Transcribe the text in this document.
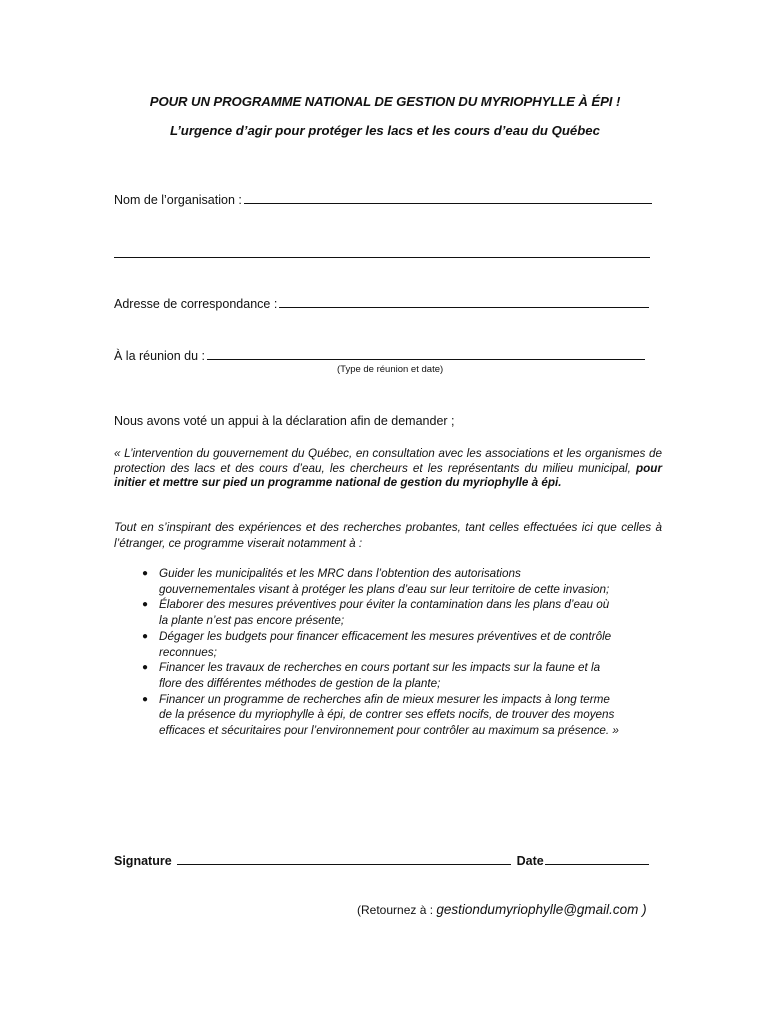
POUR UN PROGRAMME NATIONAL DE GESTION DU MYRIOPHYLLE À ÉPI !
L’urgence d’agir pour protéger les lacs et les cours d’eau du Québec
Nom de l’organisation :
Adresse de correspondance :
À la réunion du :
(Type de réunion et date)
Nous avons voté un appui à la déclaration afin de demander ;
« L’intervention du gouvernement du Québec, en consultation avec les associations et les organismes de protection des lacs et des cours d’eau, les chercheurs et les représentants du milieu municipal, pour initier et mettre sur pied un programme national de gestion du myriophylle à épi.
Tout en s’inspirant des expériences et des recherches probantes, tant celles effectuées ici que celles à l’étranger, ce programme viserait notamment à :
● Guider les municipalités et les MRC dans l’obtention des autorisations gouvernementales visant à protéger les plans d’eau sur leur territoire de cette invasion;
● Élaborer des mesures préventives pour éviter la contamination dans les plans d’eau où la plante n’est pas encore présente;
● Dégager les budgets pour financer efficacement les mesures préventives et de contrôle reconnues;
● Financer les travaux de recherches en cours portant sur les impacts sur la faune et la flore des différentes méthodes de gestion de la plante;
● Financer un programme de recherches afin de mieux mesurer les impacts à long terme de la présence du myriophylle à épi, de contrer ses effets nocifs, de trouver des moyens efficaces et sécuritaires pour l’environnement pour contrôler au maximum sa présence. »
Signature	Date
(Retournez à : gestiondumyriophylle@gmail.com )
